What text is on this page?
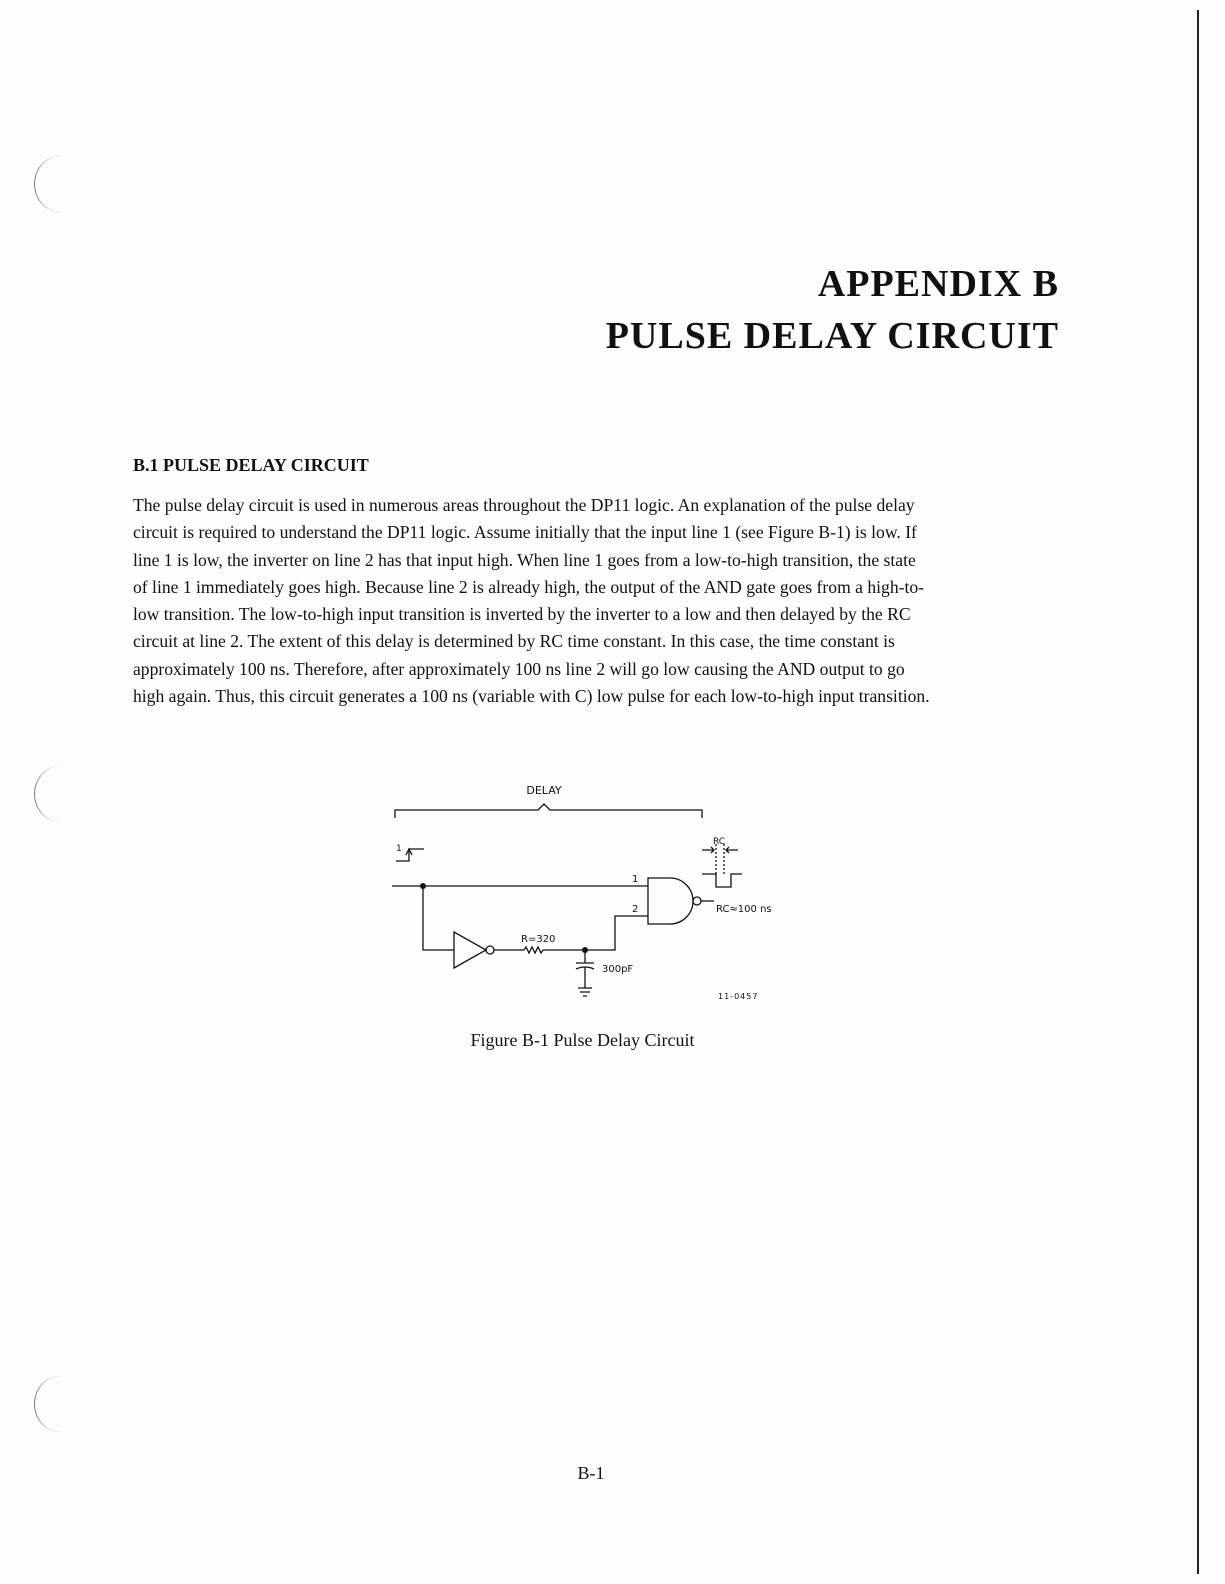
APPENDIX B
PULSE DELAY CIRCUIT
B.1 PULSE DELAY CIRCUIT

The pulse delay circuit is used in numerous areas throughout the DP11 logic. An explanation of the pulse delay
circuit is required to understand the DP11 logic. Assume initially that the input line 1 (see Figure B-1) is low. If
line 1 is low, the inverter on line 2 has that input high. When line 1 goes from a low-to-high transition, the state
of line 1 immediately goes high. Because line 2 is already high, the output of the AND gate goes from a high-to-
low transition. The low-to-high input transition is inverted by the inverter to a low and then delayed by the RC
circuit at line 2. The extent of this delay is determined by RC time constant. In this case, the time constant is
approximately 100 ns. Therefore, after approximately 100 ns line 2 will go low causing the AND output to go
high again. Thus, this circuit generates a 100 ns (variable with C) low pulse for each low-to-high input transition.

DELAY
1
1
R=320
300pF
2	RC≈100 ns
RC
11-0457
Figure B-1 Pulse Delay Circuit
B-1
